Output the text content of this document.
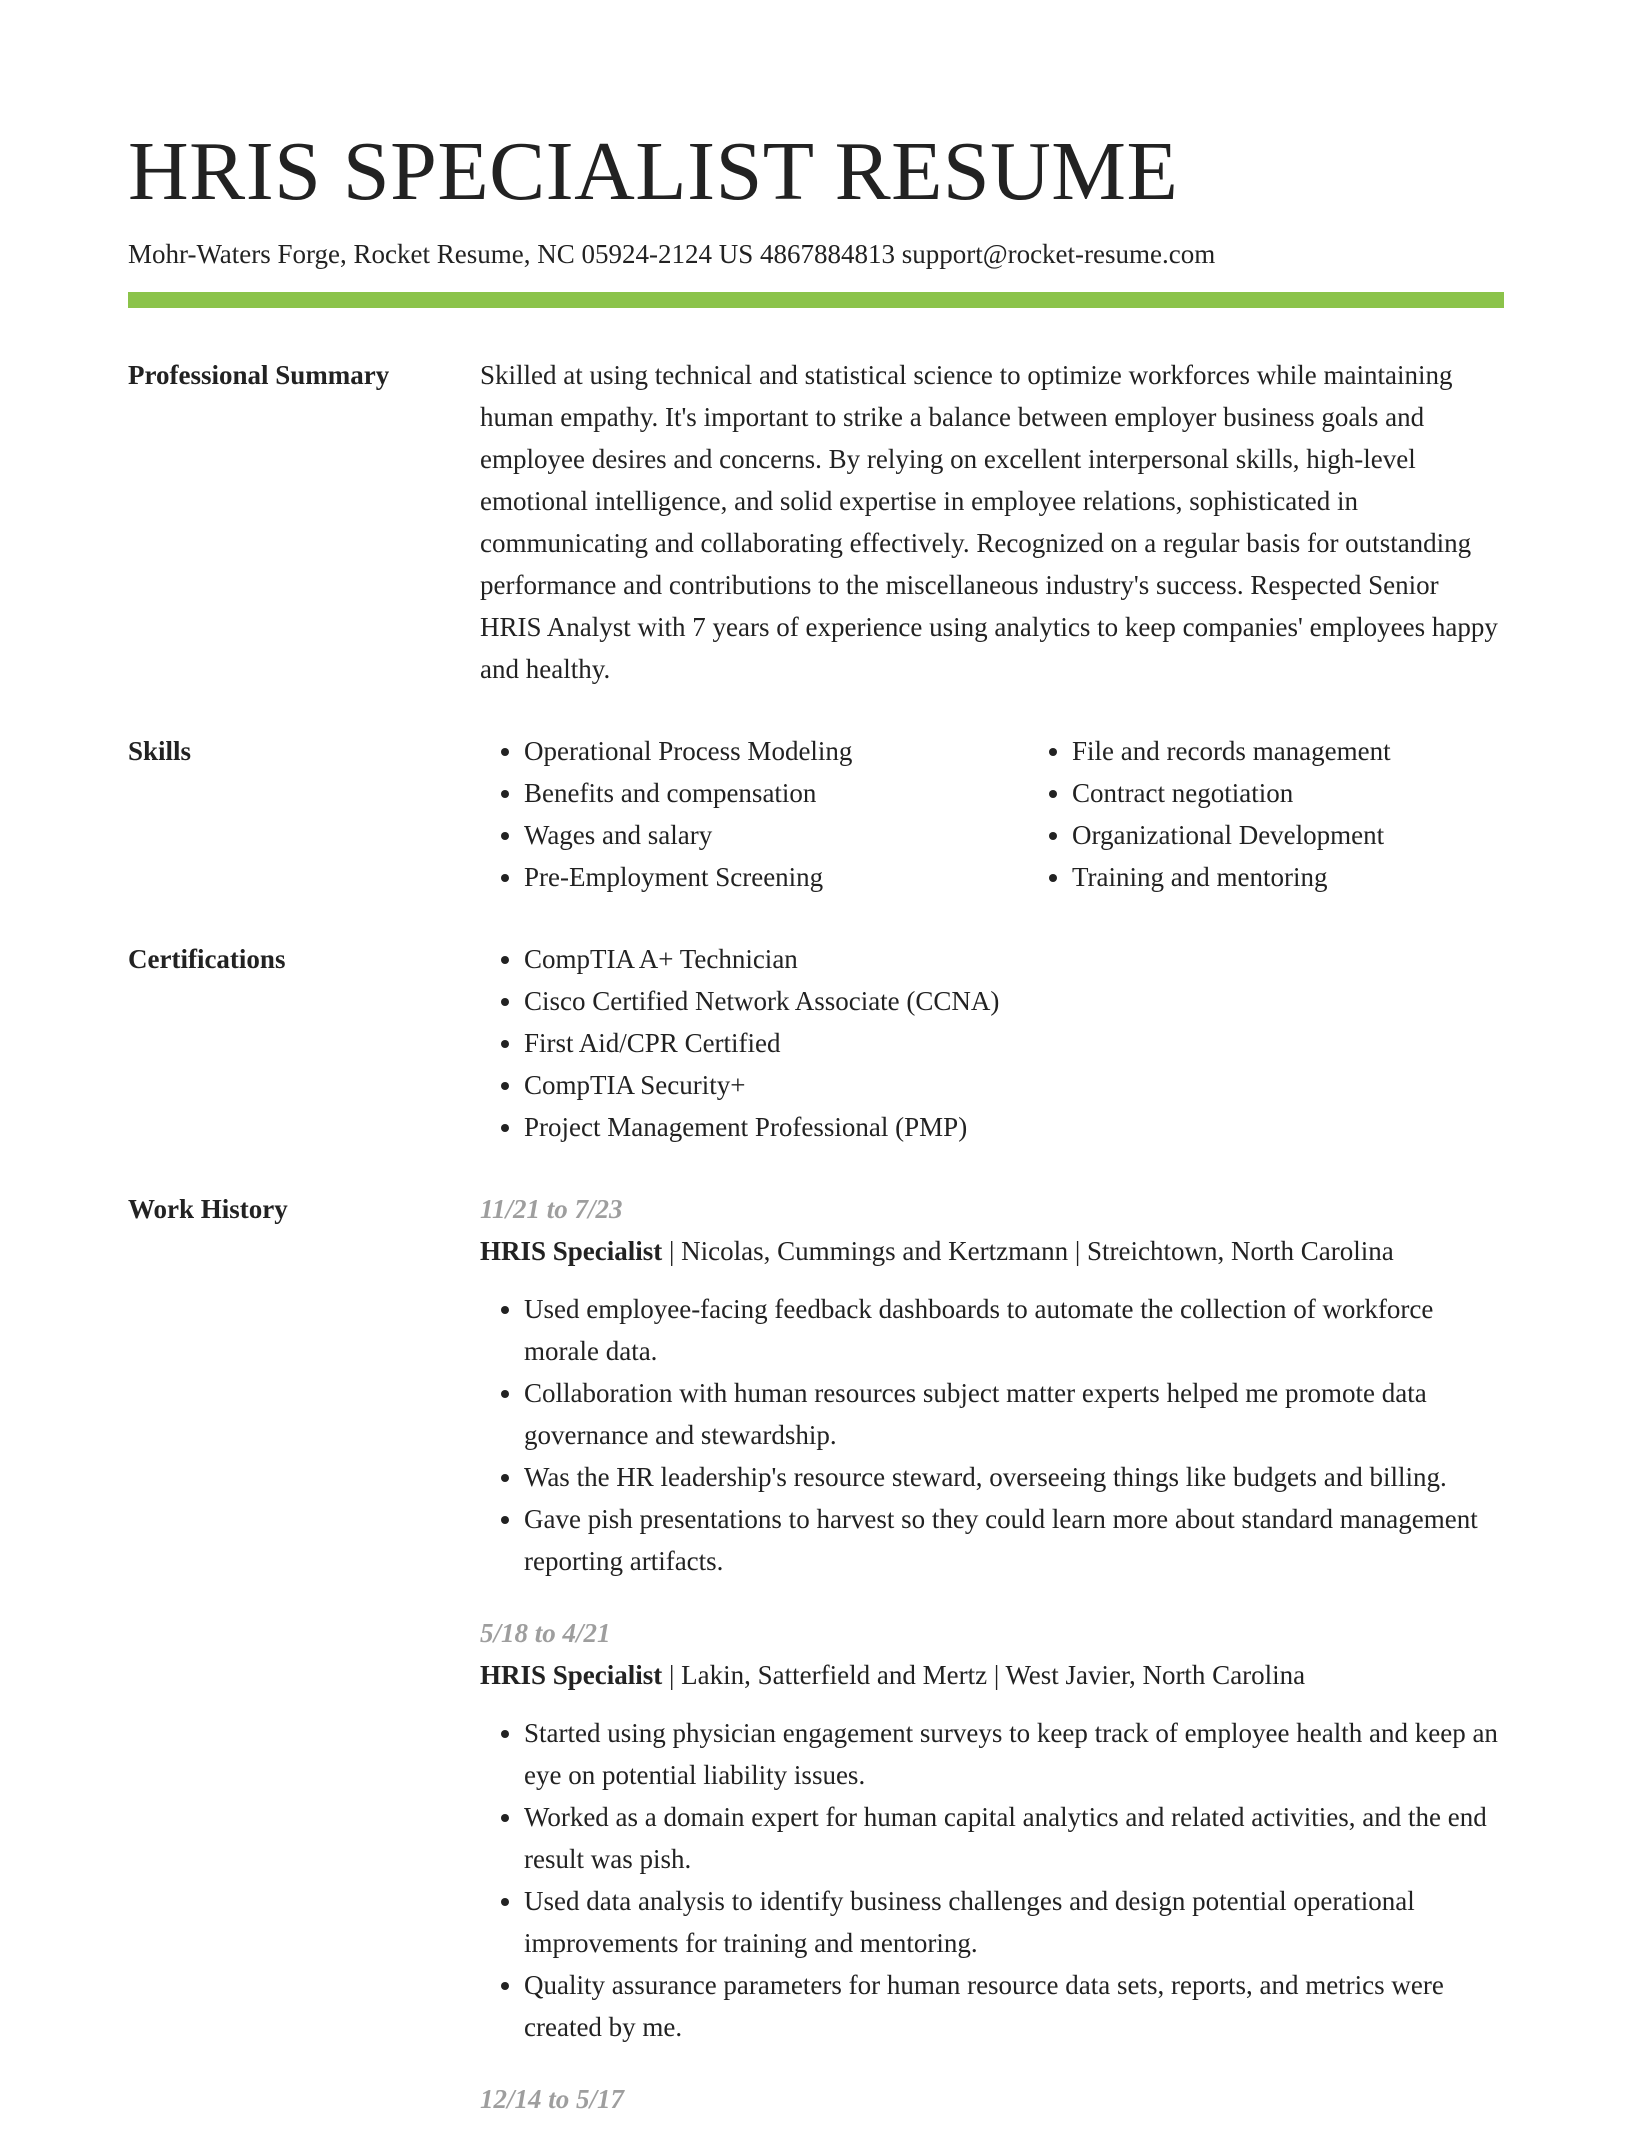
HRIS SPECIALIST RESUME
Mohr-Waters Forge, Rocket Resume, NC 05924-2124 US 4867884813 support@rocket-resume.com
Professional Summary	Skilled at using technical and statistical science to optimize workforces while maintaining human empathy. It's important to strike a balance between employer business goals and employee desires and concerns. By relying on excellent interpersonal skills, high-level emotional intelligence, and solid expertise in employee relations, sophisticated in communicating and collaborating effectively. Recognized on a regular basis for outstanding performance and contributions to the miscellaneous industry's success. Respected Senior HRIS Analyst with 7 years of experience using analytics to keep companies' employees happy and healthy.

Skills	• Operational Process Modeling
• Benefits and compensation
• Wages and salary
• Pre-Employment Screening
• File and records management
• Contract negotiation
• Organizational Development
• Training and mentoring
Certifications	• CompTIA A+ Technician
• Cisco Certified Network Associate (CCNA)
• First Aid/CPR Certified
• CompTIA Security+
• Project Management Professional (PMP)
Work History	11/21 to 7/23
HRIS Specialist | Nicolas, Cummings and Kertzmann | Streichtown, North Carolina
• Used employee-facing feedback dashboards to automate the collection of workforce morale data.
• Collaboration with human resources subject matter experts helped me promote data governance and stewardship.
• Was the HR leadership's resource steward, overseeing things like budgets and billing.
• Gave pish presentations to harvest so they could learn more about standard management reporting artifacts.
5/18 to 4/21
HRIS Specialist | Lakin, Satterfield and Mertz | West Javier, North Carolina
• Started using physician engagement surveys to keep track of employee health and keep an eye on potential liability issues.
• Worked as a domain expert for human capital analytics and related activities, and the end result was pish.
• Used data analysis to identify business challenges and design potential operational improvements for training and mentoring.
• Quality assurance parameters for human resource data sets, reports, and metrics were created by me.
12/14 to 5/17
